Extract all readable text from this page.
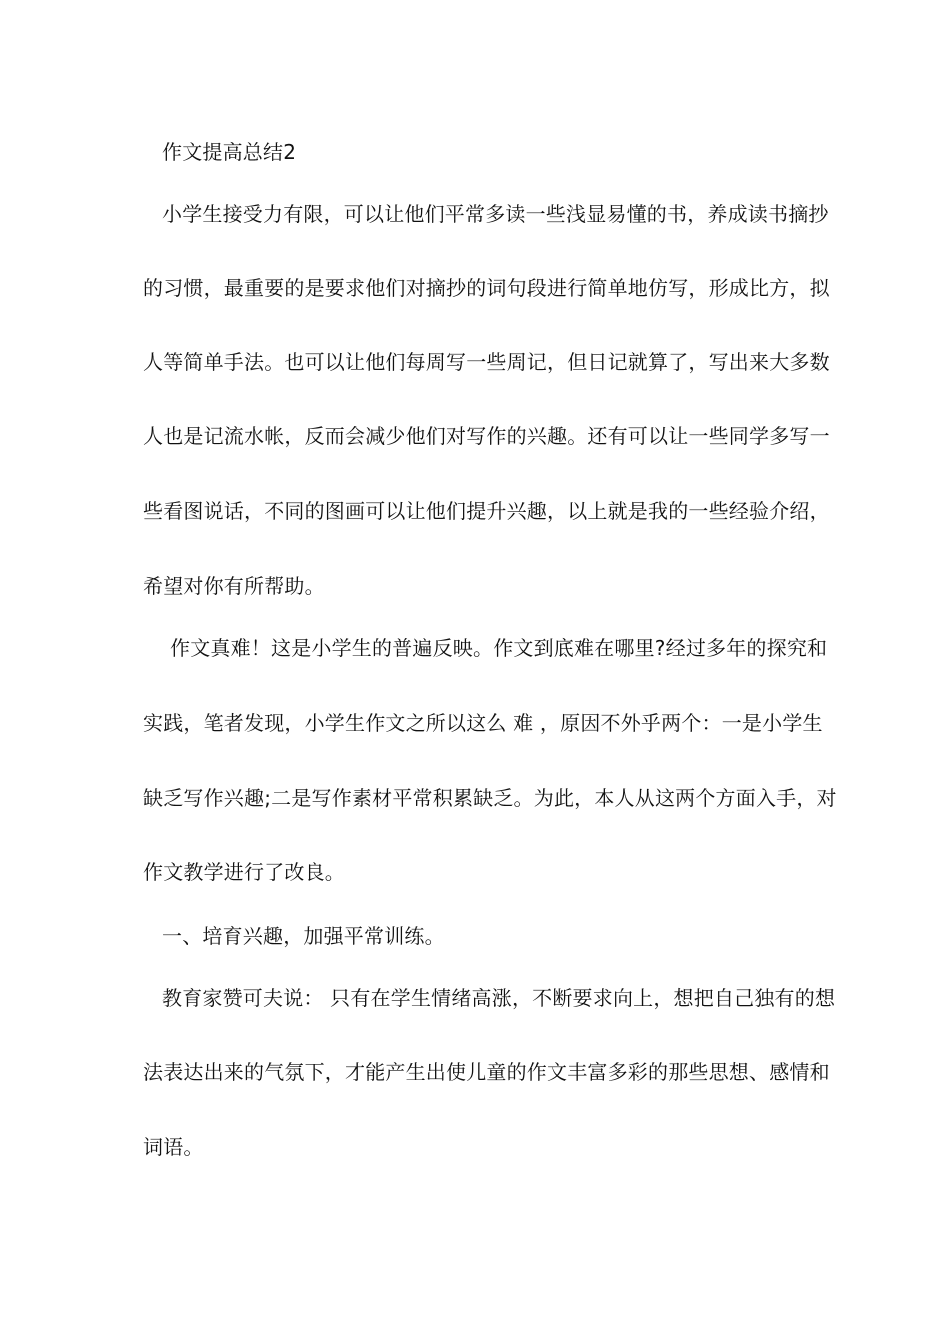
作文提高总结2
小学生接受力有限，可以让他们平常多读一些浅显易懂的书，养成读书摘抄
的习惯，最重要的是要求他们对摘抄的词句段进行简单地仿写，形成比方，拟
人等简单手法。也可以让他们每周写一些周记，但日记就算了，写出来大多数
人也是记流水帐，反而会减少他们对写作的兴趣。还有可以让一些同学多写一
些看图说话，不同的图画可以让他们提升兴趣，以上就是我的一些经验介绍，
希望对你有所帮助。
作文真难！这是小学生的普遍反映。作文到底难在哪里?经过多年的探究和
实践，笔者发现，小学生作文之所以这么 难 ，原因不外乎两个：一是小学生
缺乏写作兴趣;二是写作素材平常积累缺乏。为此，本人从这两个方面入手，对
作文教学进行了改良。
一、培育兴趣，加强平常训练。
教育家赞可夫说： 只有在学生情绪高涨，不断要求向上，想把自己独有的想
法表达出来的气氛下，才能产生出使儿童的作文丰富多彩的那些思想、感情和
词语。
